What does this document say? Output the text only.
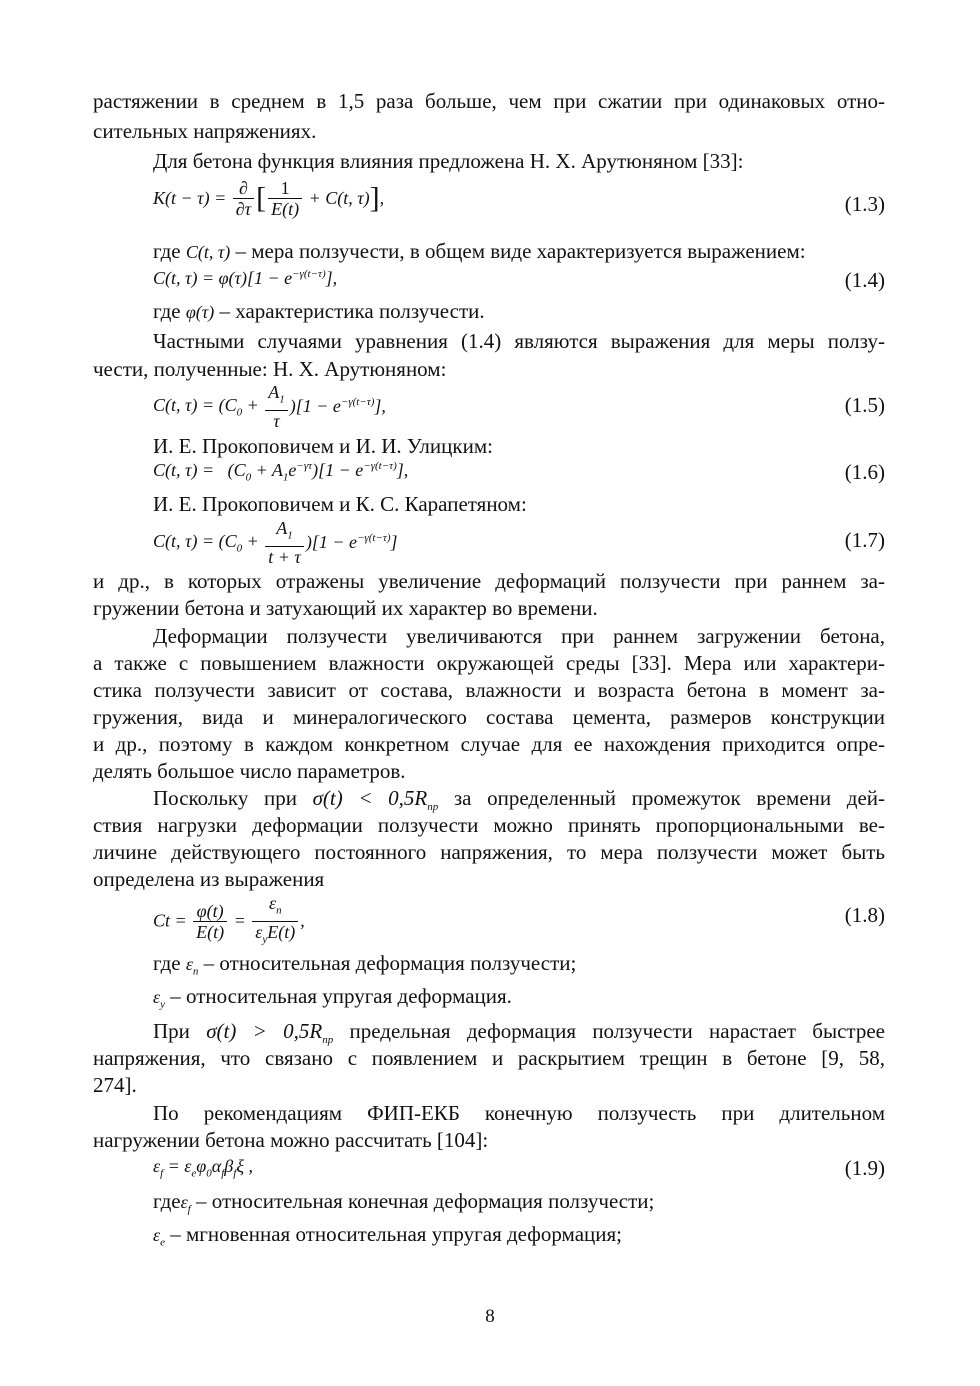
растяжении в среднем в 1,5 раза больше, чем при сжатии при одинаковых отно-
сительных напряжениях.
Для бетона функция влияния предложена Н. Х. Арутюняном [33]:
$K(t - \tau) = \frac{\partial}{\partial\tau}$ [ $\frac{1}{E(t)} + C(t$, τ)],	(1.3)
где C(t, τ) – мера ползучести, в общем виде характеризуется выражением:
C(t, $\tau) = \varphi(\tau)[1 - e^{-\gamma(t-\tau)}]$,	(1.4)
где φ(τ) – характеристика ползучести.
Частными случаями уравнения (1.4) являются выражения для меры ползу-
чести, полученные: Н. Х. Арутюняном:
C(t, $\tau) = (C_0 + \frac{A_1}{\tau} )[1 - e^{-\gamma(t-\tau)}]$,	(1.5)
И. Е. Прокоповичем и И. И. Улицким:
C(t, $\tau) = (C_0 + A_1e^{-\gamma\tau})[1 - e^{-\gamma(t-\tau)}]$,	(1.6)
И. Е. Прокоповичем и К. С. Карапетяном:
C(t, $\tau) = (C_0 + \frac{A_1}{t + \tau} )[1 - e^{-\gamma(t-\tau)}]$	(1.7)
и др., в которых отражены увеличение деформаций ползучести при раннем за-
гружении бетона и затухающий их характер во времени.
Деформации ползучести увеличиваются при раннем загружении бетона,
а также с повышением влажности окружающей среды [33]. Мера или характери-
стика ползучести зависит от состава, влажности и возраста бетона в момент за-
гружения, вида и минералогического состава цемента, размеров конструкции
и др., поэтому в каждом конкретном случае для ее нахождения приходится опре-
делять большое число параметров.
Поскольку при $\sigma(t) < 0,5R_{пр}$ за определенный промежуток времени дей-
ствия нагрузки деформации ползучести можно принять пропорциональными ве-
личине действующего постоянного напряжения, то мера ползучести может быть
определена из выражения
$Ct = \frac{\varphi(t)}{E(t)} = \frac{\varepsilon_n}{\varepsilon_yE(t)}$ ,	(1.8)
где $\varepsilon_n$ – относительная деформация ползучести;
$\varepsilon_y$ – относительная упругая деформация.
При $\sigma(t) > 0,5R_{пр}$ предельная деформация ползучести нарастает быстрее
напряжения, что связано с появлением и раскрытием трещин в бетоне [9, 58,
274].
По рекомендациям ФИП-ЕКБ конечную ползучесть при длительном
нагружении бетона можно рассчитать [104]:
$\varepsilon_f = \varepsilon_e\varphi_0\alpha_f\beta_f\xi$ ,	(1.9)
гдеε$_f$ – относительная конечная деформация ползучести;
$\varepsilon_e$ – мгновенная относительная упругая деформация;
8
